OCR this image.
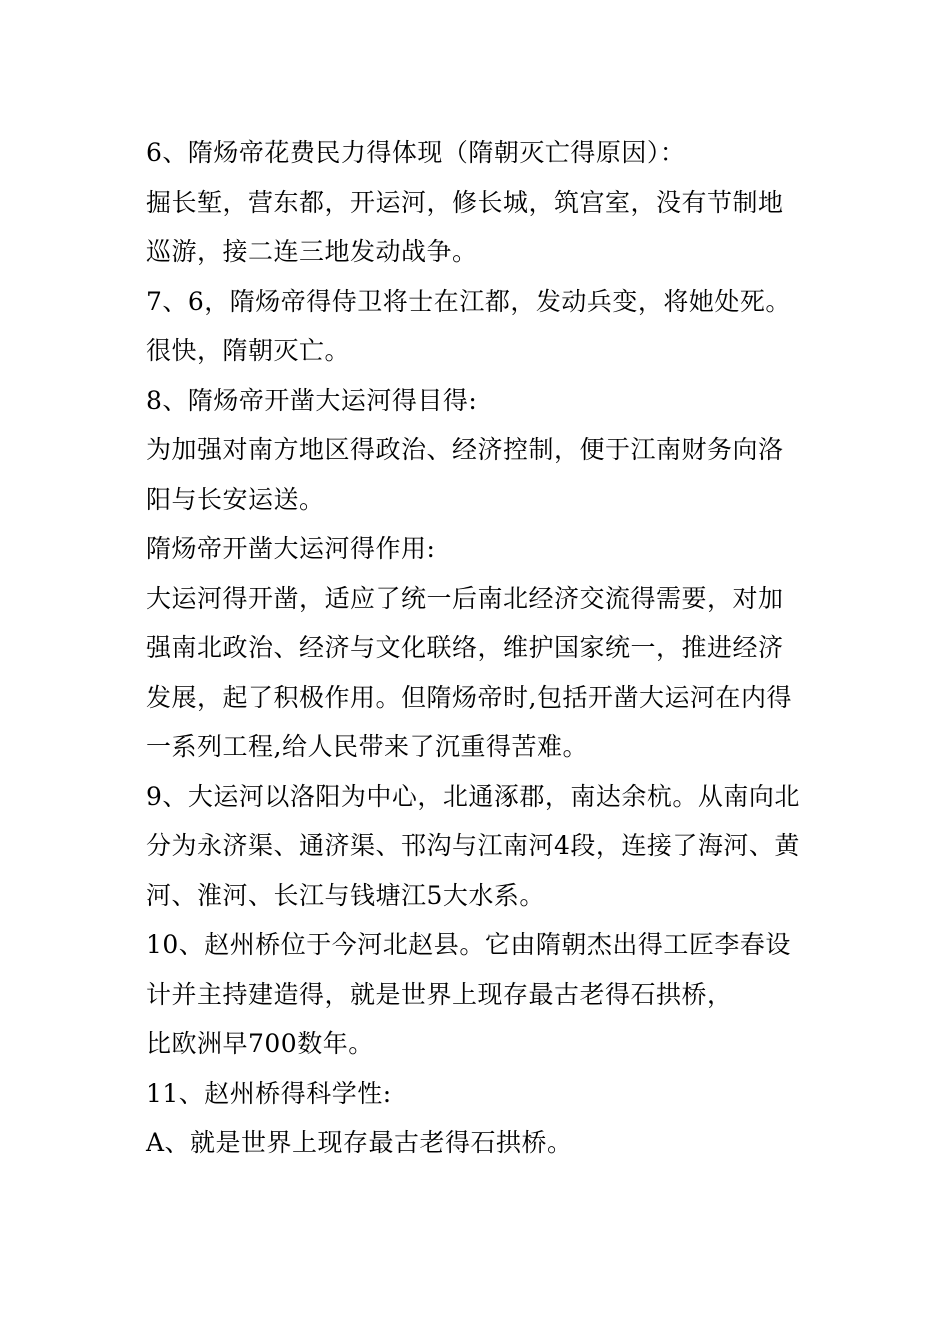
6、隋炀帝花费民力得体现（隋朝灭亡得原因）：
掘长堑，营东都，开运河，修长城，筑宫室，没有节制地
巡游，接二连三地发动战争。
7、6，隋炀帝得侍卫将士在江都，发动兵变，将她处死。
很快，隋朝灭亡。
8、隋炀帝开凿大运河得目得:
为加强对南方地区得政治、经济控制，便于江南财务向洛
阳与长安运送。
隋炀帝开凿大运河得作用:
大运河得开凿，适应了统一后南北经济交流得需要，对加
强南北政治、经济与文化联络，维护国家统一，推进经济
发展，起了积极作用。但隋炀帝时,包括开凿大运河在内得
一系列工程,给人民带来了沉重得苦难。
9、大运河以洛阳为中心，北通涿郡，南达余杭。从南向北
分为永济渠、通济渠、邗沟与江南河4段，连接了海河、黄
河、淮河、长江与钱塘江5大水系。
10、赵州桥位于今河北赵县。它由隋朝杰出得工匠李春设
计并主持建造得，就是世界上现存最古老得石拱桥，
比欧洲早700数年。
11、赵州桥得科学性:
A、就是世界上现存最古老得石拱桥。
